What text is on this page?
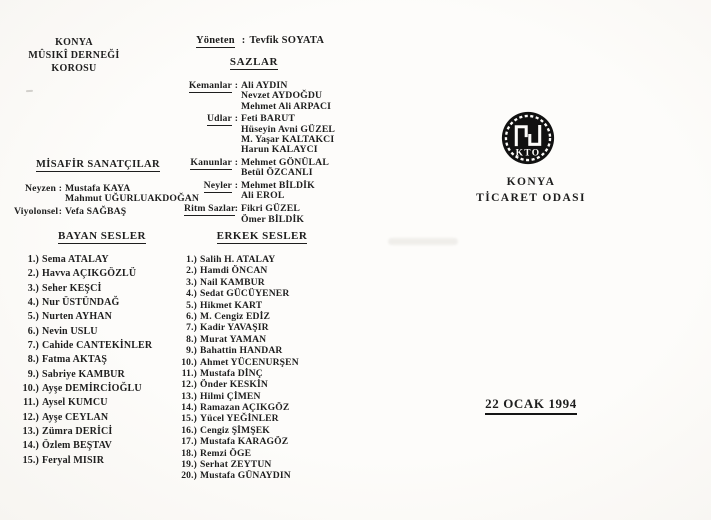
KONYA
MÛSIKÎ DERNEĞİ
KOROSU
Yöneten : Tevfik SOYATA
SAZLAR
Kemanlar : Ali AYDIN
Nevzet AYDOĞDU
Mehmet Ali ARPACI
Udlar : Feti BARUT
Hüseyin Avni GÜZEL
M. Yaşar KALTAKCI
Harun KALAYCI
Kanunlar : Mehmet GÖNÜLAL
Betül ÖZCANLI
Neyler : Mehmet BİLDİK
Ali EROL
Ritm Sazlar : Fikri GÜZEL
Ömer BİLDİK
MİSAFİR SANATÇILAR
Neyzen : Mustafa KAYA
Mahmut UĞURLUAKDOĞAN
Viyolonsel : Vefa SAĞBAŞ
BAYAN SESLER	ERKEK SESLER
1.) Sema ATALAY
2.) Havva AÇIKGÖZLÜ
3.) Seher KEŞCİ
4.) Nur ÜSTÜNDAĞ
5.) Nurten AYHAN
6.) Nevin USLU
7.) Cahide CANTEKİNLER
8.) Fatma AKTAŞ
9.) Sabriye KAMBUR
10.) Ayşe DEMİRCİOĞLU
11.) Aysel KUMCU
12.) Ayşe CEYLAN
13.) Zümra DERİCİ
14.) Özlem BEŞTAV
15.) Feryal MISIR
1.) Salih H. ATALAY
2.) Hamdi ÖNCAN
3.) Nail KAMBUR
4.) Sedat GÜCÜYENER
5.) Hikmet KART
6.) M. Cengiz EDİZ
7.) Kadir YAVAŞIR
8.) Murat YAMAN
9.) Bahattin HANDAR
10.) Ahmet YÜCENURŞEN
11.) Mustafa DİNÇ
12.) Önder KESKİN
13.) Hilmi ÇİMEN
14.) Ramazan AÇIKGÖZ
15.) Yücel YEĞİNLER
16.) Cengiz ŞİMŞEK
17.) Mustafa KARAGÖZ
18.) Remzi ÖGE
19.) Serhat ZEYTUN
20.) Mustafa GÜNAYDIN
KTO
KONYA
TİCARET ODASI
22 OCAK 1994
